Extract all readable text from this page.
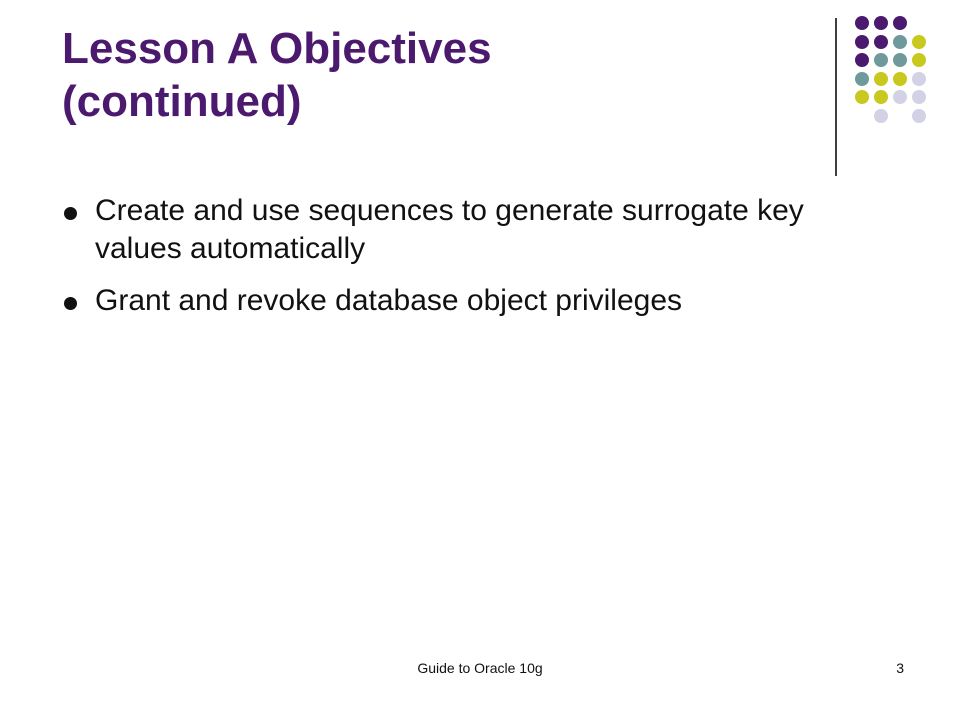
Lesson A Objectives
(continued)
Create and use sequences to generate surrogate key values automatically
Grant and revoke database object privileges
Guide to Oracle 10g	3
